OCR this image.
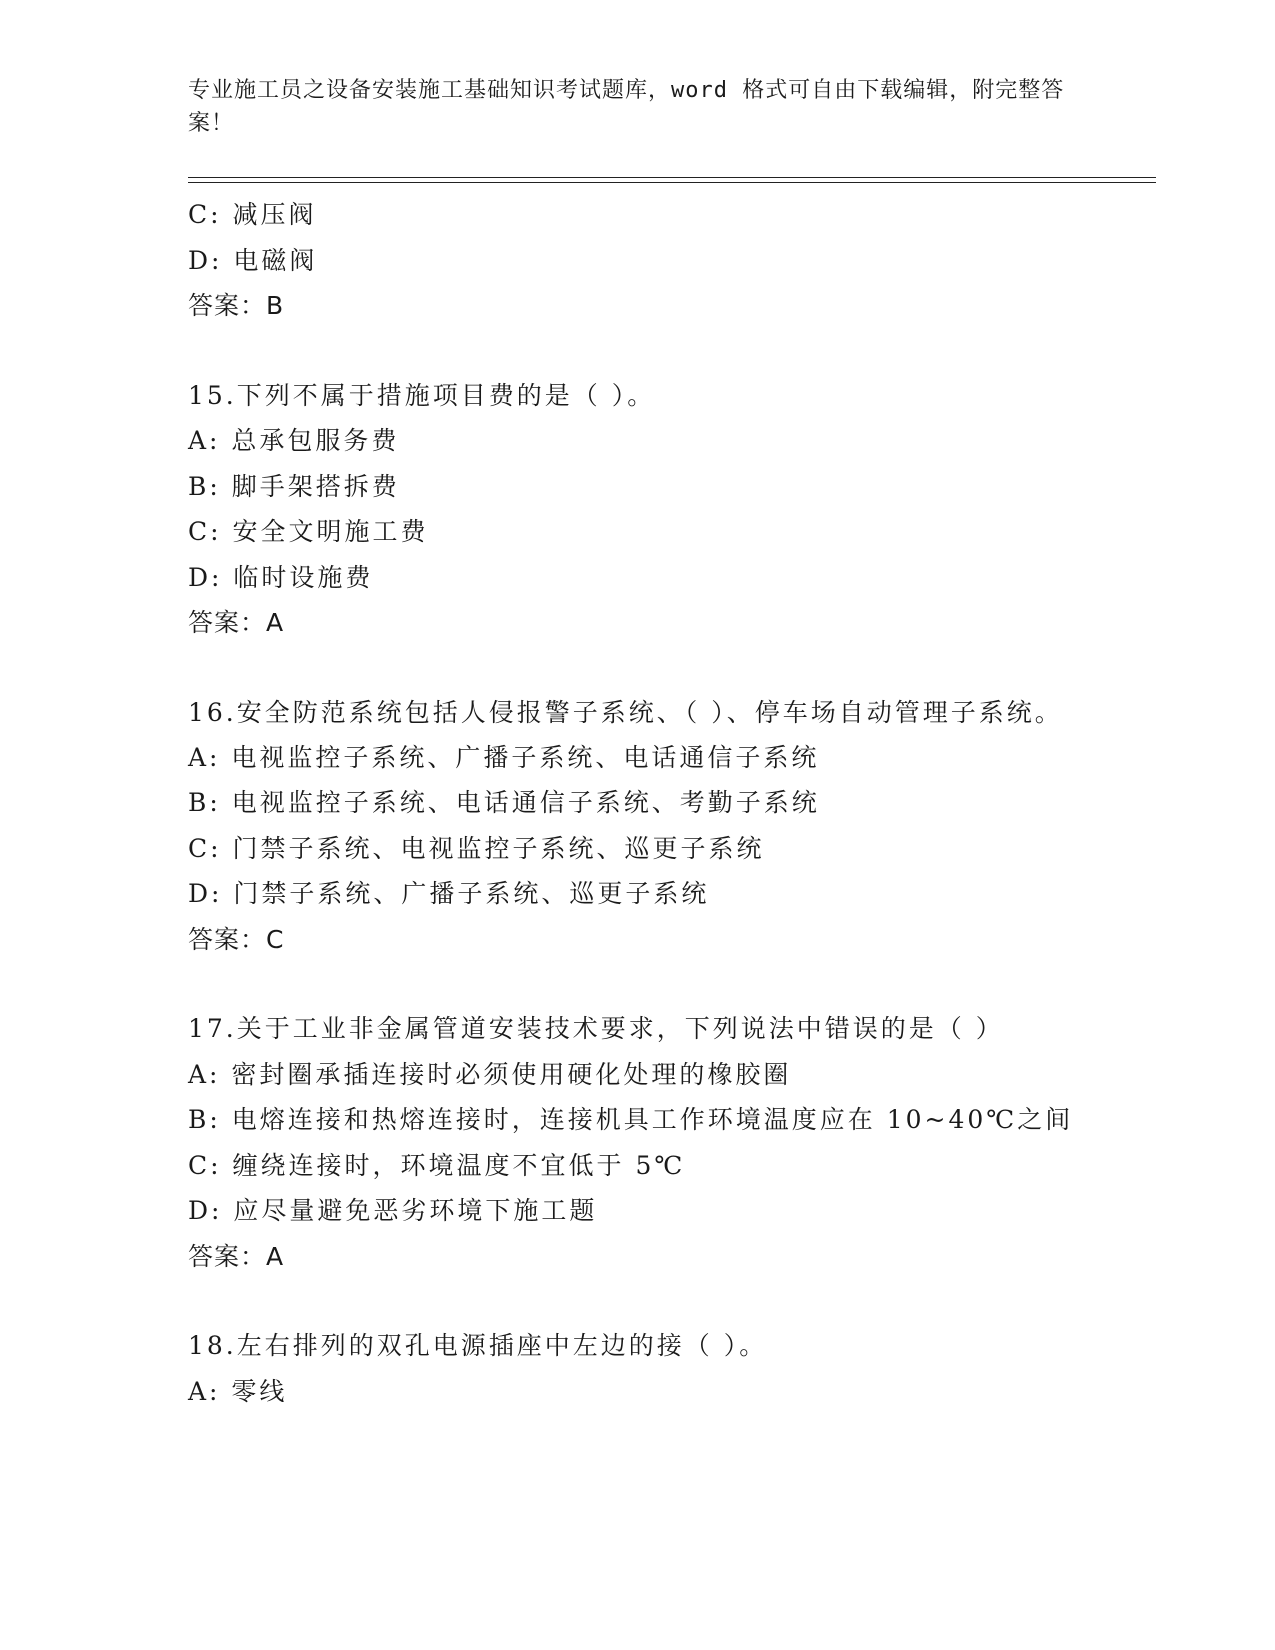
专业施工员之设备安装施工基础知识考试题库，word 格式可自由下载编辑，附完整答案！
C: 减压阀
D: 电磁阀
答案：B
15.下列不属于措施项目费的是（ ）。
A: 总承包服务费
B: 脚手架搭拆费
C: 安全文明施工费
D: 临时设施费
答案：A
16.安全防范系统包括人侵报警子系统、（ ）、停车场自动管理子系统。
A: 电视监控子系统、广播子系统、电话通信子系统
B: 电视监控子系统、电话通信子系统、考勤子系统
C: 门禁子系统、电视监控子系统、巡更子系统
D: 门禁子系统、广播子系统、巡更子系统
答案：C
17.关于工业非金属管道安装技术要求，下列说法中错误的是（ ）
A: 密封圈承插连接时必须使用硬化处理的橡胶圈
B: 电熔连接和热熔连接时，连接机具工作环境温度应在 10~40℃之间
C: 缠绕连接时，环境温度不宜低于 5℃
D: 应尽量避免恶劣环境下施工题
答案：A
18.左右排列的双孔电源插座中左边的接（ ）。
A: 零线
